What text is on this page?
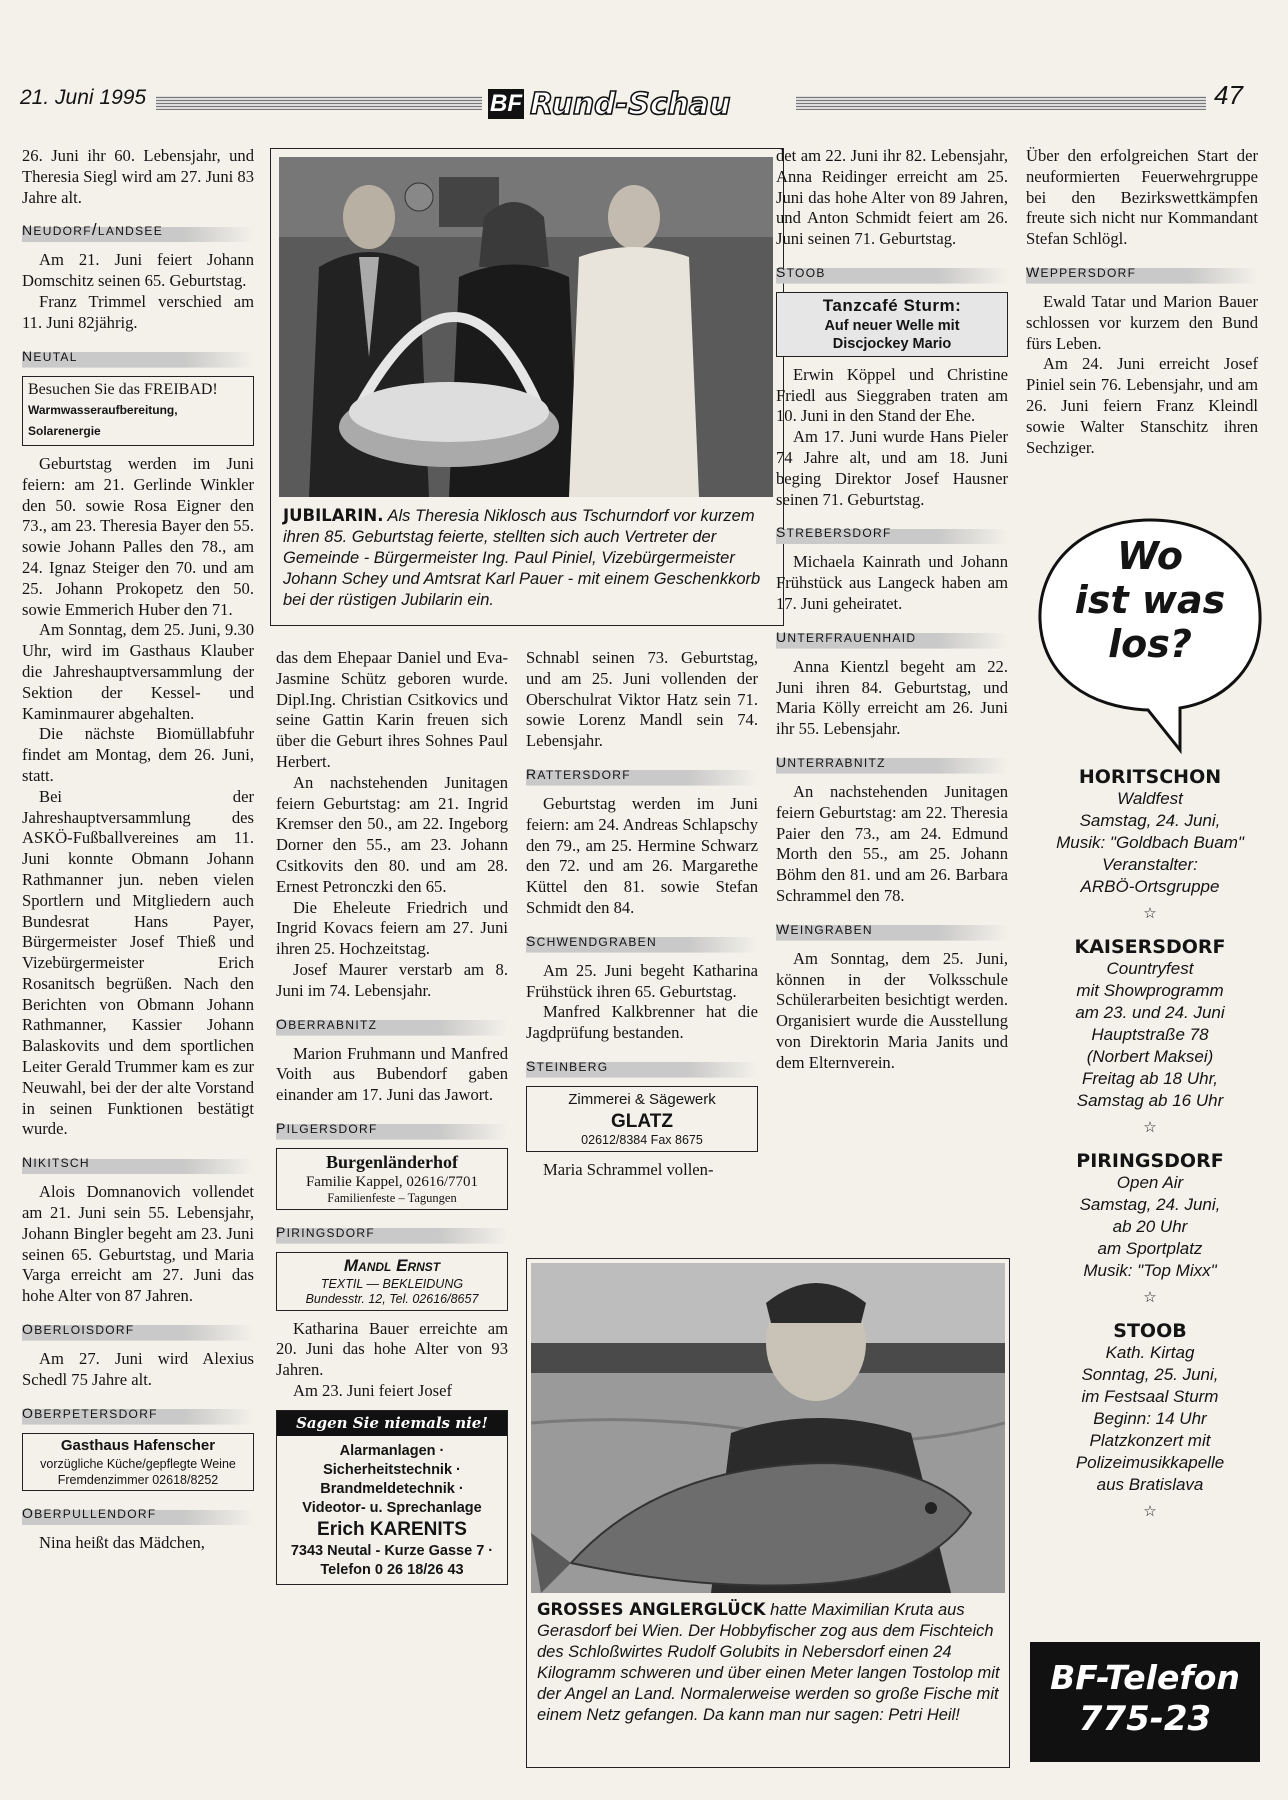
21. Juni 1995	BF Rund-Schau	47

26. Juni ihr 60. Lebensjahr, und Theresia Siegl wird am 27. Juni 83 Jahre alt.

neudorf/landsee

Am 21. Juni feiert Johann Domschitz seinen 65. Geburtstag.

Franz Trimmel verschied am 11. Juni 82jährig.

neutal
Besuchen Sie das FREIBAD!
Warmwasseraufbereitung, Solarenergie

Geburtstag werden im Juni feiern: am 21. Gerlinde Winkler den 50. sowie Rosa Eigner den 73., am 23. Theresia Bayer den 55. sowie Johann Palles den 78., am 24. Ignaz Steiger den 70. und am 25. Johann Prokopetz den 50. sowie Emmerich Huber den 71.

Am Sonntag, dem 25. Juni, 9.30 Uhr, wird im Gasthaus Klauber die Jahreshauptversammlung der Sektion der Kessel- und Kaminmaurer abgehalten.

Die nächste Biomüllabfuhr findet am Montag, dem 26. Juni, statt.

Bei der Jahreshauptversammlung des ASKÖ-Fußballvereines am 11. Juni konnte Obmann Johann Rathmanner jun. neben vielen Sportlern und Mitgliedern auch Bundesrat Hans Payer, Bürgermeister Josef Thieß und Vizebürgermeister Erich Rosanitsch begrüßen. Nach den Berichten von Obmann Johann Rathmanner, Kassier Johann Balaskovits und dem sportlichen Leiter Gerald Trummer kam es zur Neuwahl, bei der der alte Vorstand in seinen Funktionen bestätigt wurde.

nikitsch

Alois Domnanovich vollendet am 21. Juni sein 55. Lebensjahr, Johann Bingler begeht am 23. Juni seinen 65. Geburtstag, und Maria Varga erreicht am 27. Juni das hohe Alter von 87 Jahren.

oberloisdorf

Am 27. Juni wird Alexius Schedl 75 Jahre alt.

oberpetersdorf
Gasthaus Hafenscher
vorzügliche Küche/gepflegte Weine
Fremdenzimmer 02618/8252
oberpullendorf

Nina heißt das Mädchen,

JUBILARIN. Als Theresia Niklosch aus Tschurndorf vor kurzem ihren 85. Geburtstag feierte, stellten sich auch Vertreter der Gemeinde - Bürgermeister Ing. Paul Piniel, Vizebürgermeister Johann Schey und Amtsrat Karl Pauer - mit einem Geschenkkorb bei der rüstigen Jubilarin ein.

das dem Ehepaar Daniel und Eva-Jasmine Schütz geboren wurde. Dipl.Ing. Christian Csitkovics und seine Gattin Karin freuen sich über die Geburt ihres Sohnes Paul Herbert.

An nachstehenden Junitagen feiern Geburtstag: am 21. Ingrid Kremser den 50., am 22. Ingeborg Dorner den 55., am 23. Johann Csitkovits den 80. und am 28. Ernest Petronczki den 65.

Die Eheleute Friedrich und Ingrid Kovacs feiern am 27. Juni ihren 25. Hochzeitstag.

Josef Maurer verstarb am 8. Juni im 74. Lebensjahr.

oberrabnitz

Marion Fruhmann und Manfred Voith aus Bubendorf gaben einander am 17. Juni das Jawort.

pilgersdorf
Burgenländerhof
Familie Kappel, 02616/7701
Familienfeste – Tagungen
piringsdorf
Mandl Ernst
TEXTIL — BEKLEIDUNG
Bundesstr. 12, Tel. 02616/8657

Katharina Bauer erreichte am 20. Juni das hohe Alter von 93 Jahren.

Am 23. Juni feiert Josef

Sagen Sie niemals nie!
Alarmanlagen ·
Sicherheitstechnik ·
Brandmeldetechnik ·
Videotor- u. Sprechanlage
Erich KARENITS
7343 Neutal - Kurze Gasse 7 ·
Telefon 0 26 18/26 43

Schnabl seinen 73. Geburtstag, und am 25. Juni vollenden der Oberschulrat Viktor Hatz sein 71. sowie Lorenz Mandl sein 74. Lebensjahr.

rattersdorf

Geburtstag werden im Juni feiern: am 24. Andreas Schlapschy den 79., am 25. Hermine Schwarz den 72. und am 26. Margarethe Küttel den 81. sowie Stefan Schmidt den 84.

schwendgraben

Am 25. Juni begeht Katharina Frühstück ihren 65. Geburtstag.

Manfred Kalkbrenner hat die Jagdprüfung bestanden.

steinberg
Zimmerei & Sägewerk
GLATZ
02612/8384 Fax 8675

Maria Schrammel vollen-

det am 22. Juni ihr 82. Lebensjahr, Anna Reidinger erreicht am 25. Juni das hohe Alter von 89 Jahren, und Anton Schmidt feiert am 26. Juni seinen 71. Geburtstag.

stoob
Tanzcafé Sturm:
Auf neuer Welle mit
Discjockey Mario

Erwin Köppel und Christine Friedl aus Sieggraben traten am 10. Juni in den Stand der Ehe.

Am 17. Juni wurde Hans Pieler 74 Jahre alt, und am 18. Juni beging Direktor Josef Hausner seinen 71. Geburtstag.

strebersdorf

Michaela Kainrath und Johann Frühstück aus Langeck haben am 17. Juni geheiratet.

unterfrauenhaid

Anna Kientzl begeht am 22. Juni ihren 84. Geburtstag, und Maria Kölly erreicht am 26. Juni ihr 55. Lebensjahr.

unterrabnitz

An nachstehenden Junitagen feiern Geburtstag: am 22. Theresia Paier den 73., am 24. Edmund Morth den 55., am 25. Johann Böhm den 81. und am 26. Barbara Schrammel den 78.

weingraben

Am Sonntag, dem 25. Juni, können in der Volksschule Schülerarbeiten besichtigt werden. Organisiert wurde die Ausstellung von Direktorin Maria Janits und dem Elternverein.

Über den erfolgreichen Start der neuformierten Feuerwehrgruppe bei den Bezirkswettkämpfen freute sich nicht nur Kommandant Stefan Schlögl.

weppersdorf

Ewald Tatar und Marion Bauer schlossen vor kurzem den Bund fürs Leben.

Am 24. Juni erreicht Josef Piniel sein 76. Lebensjahr, und am 26. Juni feiern Franz Kleindl sowie Walter Stanschitz ihren Sechziger.

Wo
ist was
los?
HORITSCHON
Waldfest
Samstag, 24. Juni,
Musik: "Goldbach Buam"
Veranstalter:
ARBÖ-Ortsgruppe
☆
KAISERSDORF
Countryfest
mit Showprogramm
am 23. und 24. Juni
Hauptstraße 78
(Norbert Maksei)
Freitag ab 18 Uhr,
Samstag ab 16 Uhr
☆
PIRINGSDORF
Open Air
Samstag, 24. Juni,
ab 20 Uhr
am Sportplatz
Musik: "Top Mixx"
☆
STOOB
Kath. Kirtag
Sonntag, 25. Juni,
im Festsaal Sturm
Beginn: 14 Uhr
Platzkonzert mit
Polizeimusikkapelle
aus Bratislava
☆
BF-Telefon
775-23
GROSSES ANGLERGLÜCK hatte Maximilian Kruta aus Gerasdorf bei Wien. Der Hobbyfischer zog aus dem Fischteich des Schloßwirtes Rudolf Golubits in Nebersdorf einen 24 Kilogramm schweren und über einen Meter langen Tostolop mit der Angel an Land. Normalerweise werden so große Fische mit einem Netz gefangen. Da kann man nur sagen: Petri Heil!
